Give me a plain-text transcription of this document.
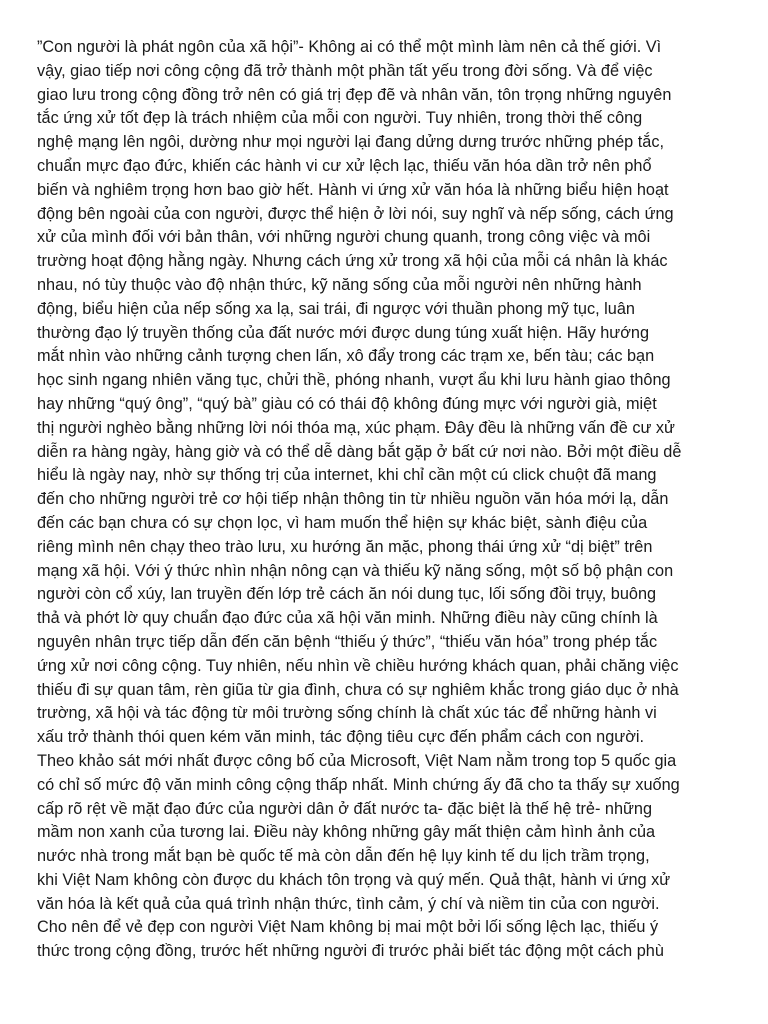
”Con người là phát ngôn của xã hội”- Không ai có thể một mình làm nên cả thế giới. Vì
vậy, giao tiếp nơi công cộng đã trở thành một phần tất yếu trong đời sống. Và để việc
giao lưu trong cộng đồng trở nên có giá trị đẹp đẽ và nhân văn, tôn trọng những nguyên
tắc ứng xử tốt đẹp là trách nhiệm của mỗi con người. Tuy nhiên, trong thời thế công
nghệ mạng lên ngôi, dường như mọi người lại đang dửng dưng trước những phép tắc,
chuẩn mực đạo đức, khiến các hành vi cư xử lệch lạc, thiếu văn hóa dần trở nên phổ
biến và nghiêm trọng hơn bao giờ hết. Hành vi ứng xử văn hóa là những biểu hiện hoạt
động bên ngoài của con người, được thể hiện ở lời nói, suy nghĩ và nếp sống, cách ứng
xử của mình đối với bản thân, với những người chung quanh, trong công việc và môi
trường hoạt động hằng ngày. Nhưng cách ứng xử trong xã hội của mỗi cá nhân là khác
nhau, nó tùy thuộc vào độ nhận thức, kỹ năng sống của mỗi người nên những hành
động, biểu hiện của nếp sống xa lạ, sai trái, đi ngược với thuần phong mỹ tục, luân
thường đạo lý truyền thống của đất nước mới được dung túng xuất hiện. Hãy hướng
mắt nhìn vào những cảnh tượng chen lấn, xô đẩy trong các trạm xe, bến tàu; các bạn
học sinh ngang nhiên văng tục, chửi thề, phóng nhanh, vượt ẩu khi lưu hành giao thông
hay những “quý ông”, “quý bà” giàu có có thái độ không đúng mực với người già, miệt
thị người nghèo bằng những lời nói thóa mạ, xúc phạm. Đây đều là những vấn đề cư xử
diễn ra hàng ngày, hàng giờ và có thể dễ dàng bắt gặp ở bất cứ nơi nào. Bởi một điều dễ
hiểu là ngày nay, nhờ sự thống trị của internet, khi chỉ cần một cú click chuột đã mang
đến cho những người trẻ cơ hội tiếp nhận thông tin từ nhiều nguồn văn hóa mới lạ, dẫn
đến các bạn chưa có sự chọn lọc, vì ham muốn thể hiện sự khác biệt, sành điệu của
riêng mình nên chạy theo trào lưu, xu hướng ăn mặc, phong thái ứng xử “dị biệt” trên
mạng xã hội. Với ý thức nhìn nhận nông cạn và thiếu kỹ năng sống, một số bộ phận con
người còn cổ xúy, lan truyền đến lớp trẻ cách ăn nói dung tục, lối sống đồi trụy, buông
thả và phớt lờ quy chuẩn đạo đức của xã hội văn minh. Những điều này cũng chính là
nguyên nhân trực tiếp dẫn đến căn bệnh “thiếu ý thức”, “thiếu văn hóa” trong phép tắc
ứng xử nơi công cộng. Tuy nhiên, nếu nhìn về chiều hướng khách quan, phải chăng việc
thiếu đi sự quan tâm, rèn giũa từ gia đình, chưa có sự nghiêm khắc trong giáo dục ở nhà
trường, xã hội và tác động từ môi trường sống chính là chất xúc tác để những hành vi
xấu trở thành thói quen kém văn minh, tác động tiêu cực đến phẩm cách con người.
Theo khảo sát mới nhất được công bố của Microsoft, Việt Nam nằm trong top 5 quốc gia
có chỉ số mức độ văn minh công cộng thấp nhất. Minh chứng ấy đã cho ta thấy sự xuống
cấp rõ rệt về mặt đạo đức của người dân ở đất nước ta- đặc biệt là thế hệ trẻ- những
mầm non xanh của tương lai. Điều này không những gây mất thiện cảm hình ảnh của
nước nhà trong mắt bạn bè quốc tế mà còn dẫn đến hệ lụy kinh tế du lịch trầm trọng,
khi Việt Nam không còn được du khách tôn trọng và quý mến. Quả thật, hành vi ứng xử
văn hóa là kết quả của quá trình nhận thức, tình cảm, ý chí và niềm tin của con người.
Cho nên để vẻ đẹp con người Việt Nam không bị mai một bởi lối sống lệch lạc, thiếu ý
thức trong cộng đồng, trước hết những người đi trước phải biết tác động một cách phù
